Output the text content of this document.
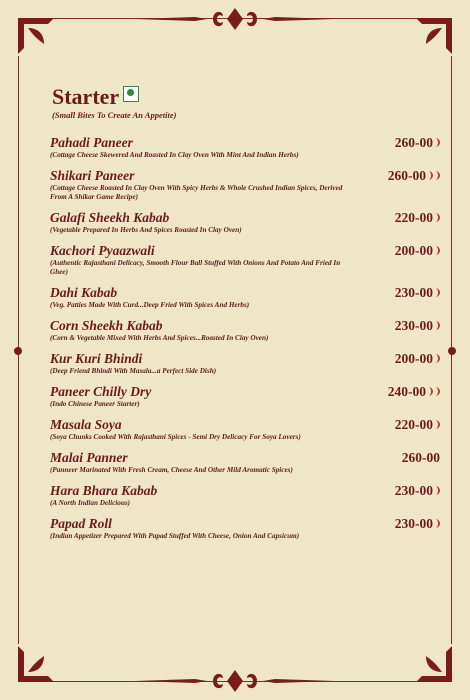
Starter
(Small Bites To Create An Appetite)
Pahadi Paneer
(Cottage Cheese Skewered And Roasted In Clay Oven With Mint And Indian Herbs)
260-00
Shikari Paneer
(Cottage Cheese Roasted In Clay Oven With Spicy Herbs & Whole Crushed Indian Spices, Derived From A Shikar Game Recipe)
260-00
Galafi Sheekh Kabab
(Vegetable Prepared In Herbs And Spices Roasted In Clay Oven)
220-00
Kachori Pyaazwali
(Authentic Rajasthani Delicacy, Smooth Flour Ball Stuffed With Onions And Potato And Fried In Ghee)
200-00
Dahi Kabab
(Veg. Patties Made With Curd...Deep Fried With Spices And Herbs)
230-00
Corn Sheekh Kabab
(Corn & Vegetable Mixed With Herbs And Spices...Roasted In Clay Oven)
230-00
Kur Kuri Bhindi
(Deep Friend Bhindi With Masala...a Perfect Side Dish)
200-00
Paneer Chilly Dry
(Indo Chinese Paneer Starter)
240-00
Masala Soya
(Soya Chunks Cooked With Rajasthani Spices - Semi Dry Delicacy For Soya Lovers)
220-00
Malai Panner
(Panneer Marinated With Fresh Cream, Cheese And Other Mild Aromatic Spices)
260-00
Hara Bhara Kabab
(A North Indian Delicious)
230-00
Papad Roll
(Indian Appetizer Prepared With Papad Stuffed With Cheese, Onion And Capsicum)
230-00
